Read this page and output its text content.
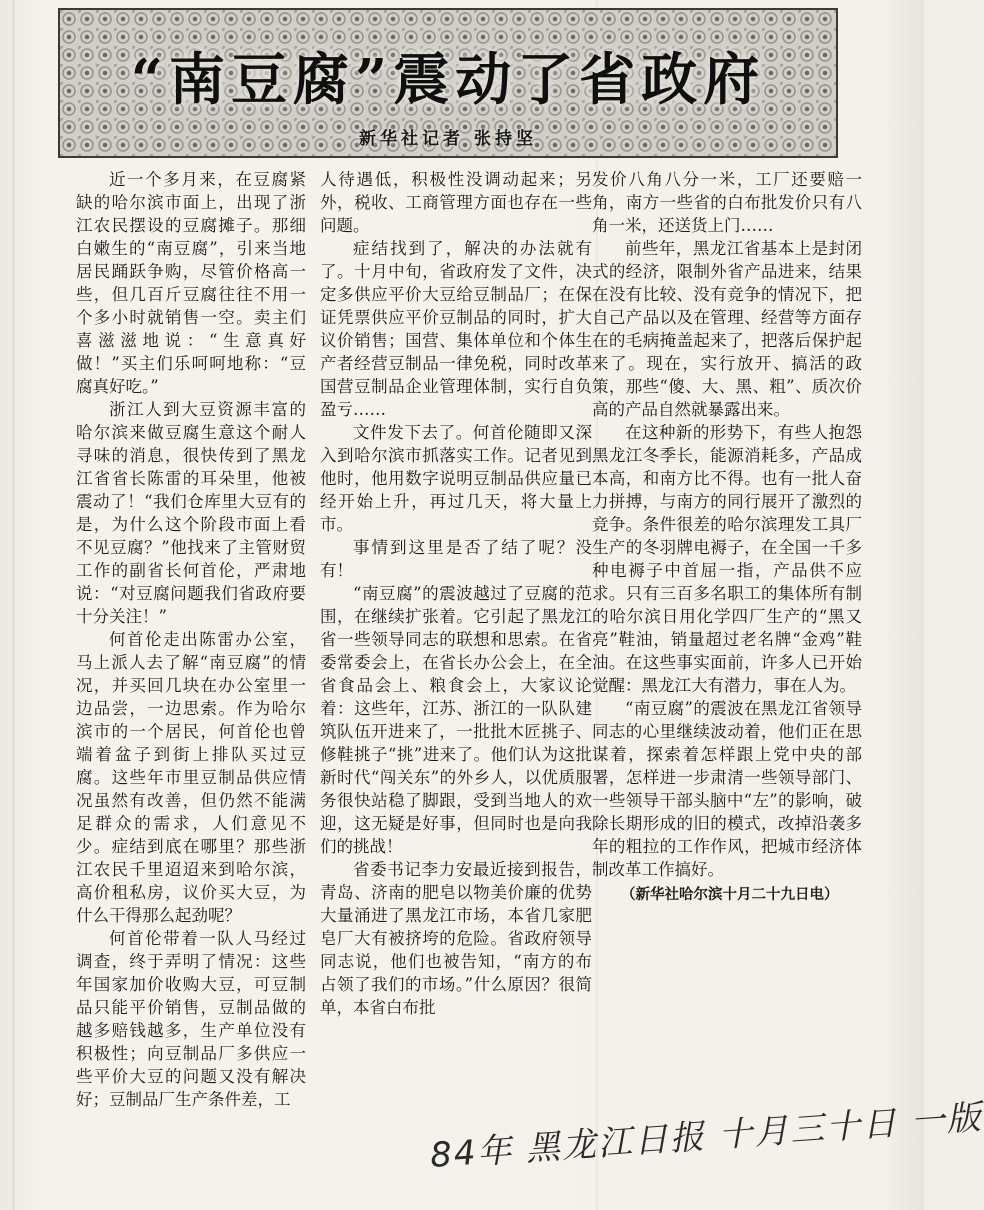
“南豆腐”震动了省政府
新华社记者 张持坚

近一个多月来，在豆腐紧缺的哈尔滨市面上，出现了浙江农民摆设的豆腐摊子。那细白嫩生的“南豆腐”，引来当地居民踊跃争购，尽管价格高一些，但几百斤豆腐往往不用一个多小时就销售一空。卖主们喜滋滋地说：“生意真好做！”买主们乐呵呵地称：“豆腐真好吃。”

浙江人到大豆资源丰富的哈尔滨来做豆腐生意这个耐人寻味的消息，很快传到了黑龙江省省长陈雷的耳朵里，他被震动了！“我们仓库里大豆有的是，为什么这个阶段市面上看不见豆腐？”他找来了主管财贸工作的副省长何首伦，严肃地说：“对豆腐问题我们省政府要十分关注！”

何首伦走出陈雷办公室，马上派人去了解“南豆腐”的情况，并买回几块在办公室里一边品尝，一边思索。作为哈尔滨市的一个居民，何首伦也曾端着盆子到街上排队买过豆腐。这些年市里豆制品供应情况虽然有改善，但仍然不能满足群众的需求，人们意见不少。症结到底在哪里？那些浙江农民千里迢迢来到哈尔滨，高价租私房，议价买大豆，为什么干得那么起劲呢？

何首伦带着一队人马经过调查，终于弄明了情况：这些年国家加价收购大豆，可豆制品只能平价销售，豆制品做的越多赔钱越多，生产单位没有积极性；向豆制品厂多供应一些平价大豆的问题又没有解决好；豆制品厂生产条件差，工

人待遇低，积极性没调动起来；另外，税收、工商管理方面也存在一些问题。

症结找到了，解决的办法就有了。十月中旬，省政府发了文件，决定多供应平价大豆给豆制品厂；在保证凭票供应平价豆制品的同时，扩大议价销售；国营、集体单位和个体生产者经营豆制品一律免税，同时改革国营豆制品企业管理体制，实行自负盈亏……

文件发下去了。何首伦随即又深入到哈尔滨市抓落实工作。记者见到他时，他用数字说明豆制品供应量已经开始上升，再过几天，将大量上市。

事情到这里是否了结了呢？没有！

“南豆腐”的震波越过了豆腐的范围，在继续扩张着。它引起了黑龙江省一些领导同志的联想和思索。在省委常委会上，在省长办公会上，在全省食品会上、粮食会上，大家议论着：这些年，江苏、浙江的一队队建筑队伍开进来了，一批批木匠挑子、修鞋挑子“挑”进来了。他们认为这批新时代“闯关东”的外乡人，以优质服务很快站稳了脚跟，受到当地人的欢迎，这无疑是好事，但同时也是向我们的挑战！

省委书记李力安最近接到报告，青岛、济南的肥皂以物美价廉的优势大量涌进了黑龙江市场，本省几家肥皂厂大有被挤垮的危险。省政府领导同志说，他们也被告知，“南方的布占领了我们的市场。”什么原因？很简单，本省白布批

发价八角八分一米，工厂还要赔一角，南方一些省的白布批发价只有八角一米，还送货上门……

前些年，黑龙江省基本上是封闭式的经济，限制外省产品进来，结果在没有比较、没有竞争的情况下，把自己产品以及在管理、经营等方面存在的毛病掩盖起来了，把落后保护起来了。现在，实行放开、搞活的政策，那些“傻、大、黑、粗”、质次价高的产品自然就暴露出来。

在这种新的形势下，有些人抱怨黑龙江冬季长，能源消耗多，产品成本高，和南方比不得。也有一批人奋力拼搏，与南方的同行展开了激烈的竞争。条件很差的哈尔滨理发工具厂生产的冬羽牌电褥子，在全国一千多种电褥子中首屈一指，产品供不应求。只有三百多名职工的集体所有制的哈尔滨日用化学四厂生产的“黑又亮”鞋油，销量超过老名牌“金鸡”鞋油。在这些事实面前，许多人已开始觉醒：黑龙江大有潜力，事在人为。

“南豆腐”的震波在黑龙江省领导同志的心里继续波动着，他们正在思谋着，探索着怎样跟上党中央的部署，怎样进一步肃清一些领导部门、一些领导干部头脑中“左”的影响，破除长期形成的旧的模式，改掉沿袭多年的粗拉的工作作风，把城市经济体制改革工作搞好。

（新华社哈尔滨十月二十九日电）

84年 黑龙江日报 十月三十日 一版
